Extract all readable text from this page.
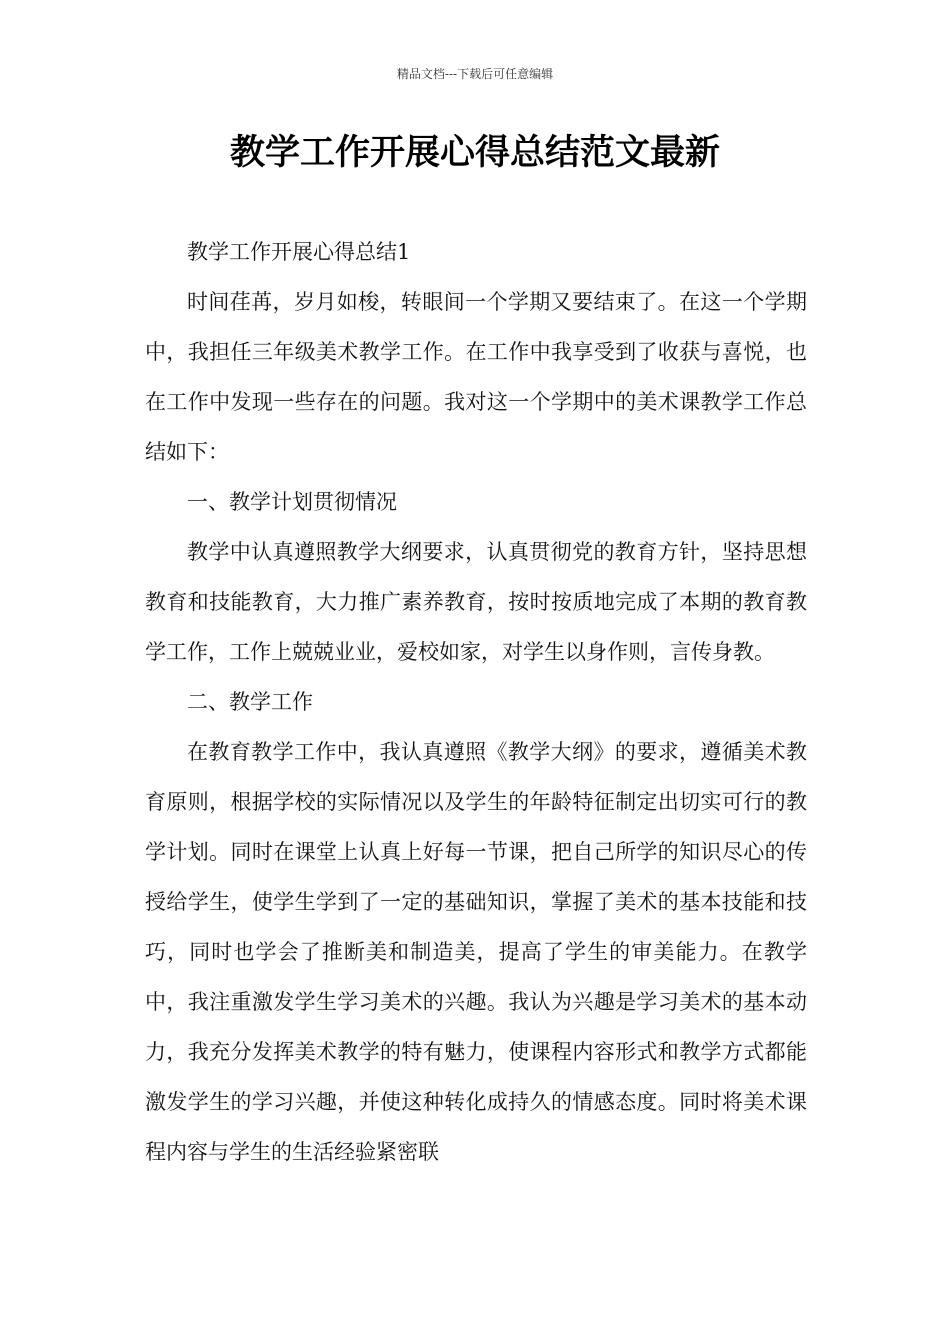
精品文档---下载后可任意编辑
教学工作开展心得总结范文最新

教学工作开展心得总结1

时间荏苒，岁月如梭，转眼间一个学期又要结束了。在这一个学期中，我担任三年级美术教学工作。在工作中我享受到了收获与喜悦，也在工作中发现一些存在的问题。我对这一个学期中的美术课教学工作总结如下：

一、教学计划贯彻情况

教学中认真遵照教学大纲要求，认真贯彻党的教育方针，坚持思想教育和技能教育，大力推广素养教育，按时按质地完成了本期的教育教学工作，工作上兢兢业业，爱校如家，对学生以身作则，言传身教。

二、教学工作

在教育教学工作中，我认真遵照《教学大纲》的要求，遵循美术教育原则，根据学校的实际情况以及学生的年龄特征制定出切实可行的教学计划。同时在课堂上认真上好每一节课，把自己所学的知识尽心的传授给学生，使学生学到了一定的基础知识，掌握了美术的基本技能和技巧，同时也学会了推断美和制造美，提高了学生的审美能力。在教学中，我注重激发学生学习美术的兴趣。我认为兴趣是学习美术的基本动力，我充分发挥美术教学的特有魅力，使课程内容形式和教学方式都能激发学生的学习兴趣，并使这种转化成持久的情感态度。同时将美术课程内容与学生的生活经验紧密联
